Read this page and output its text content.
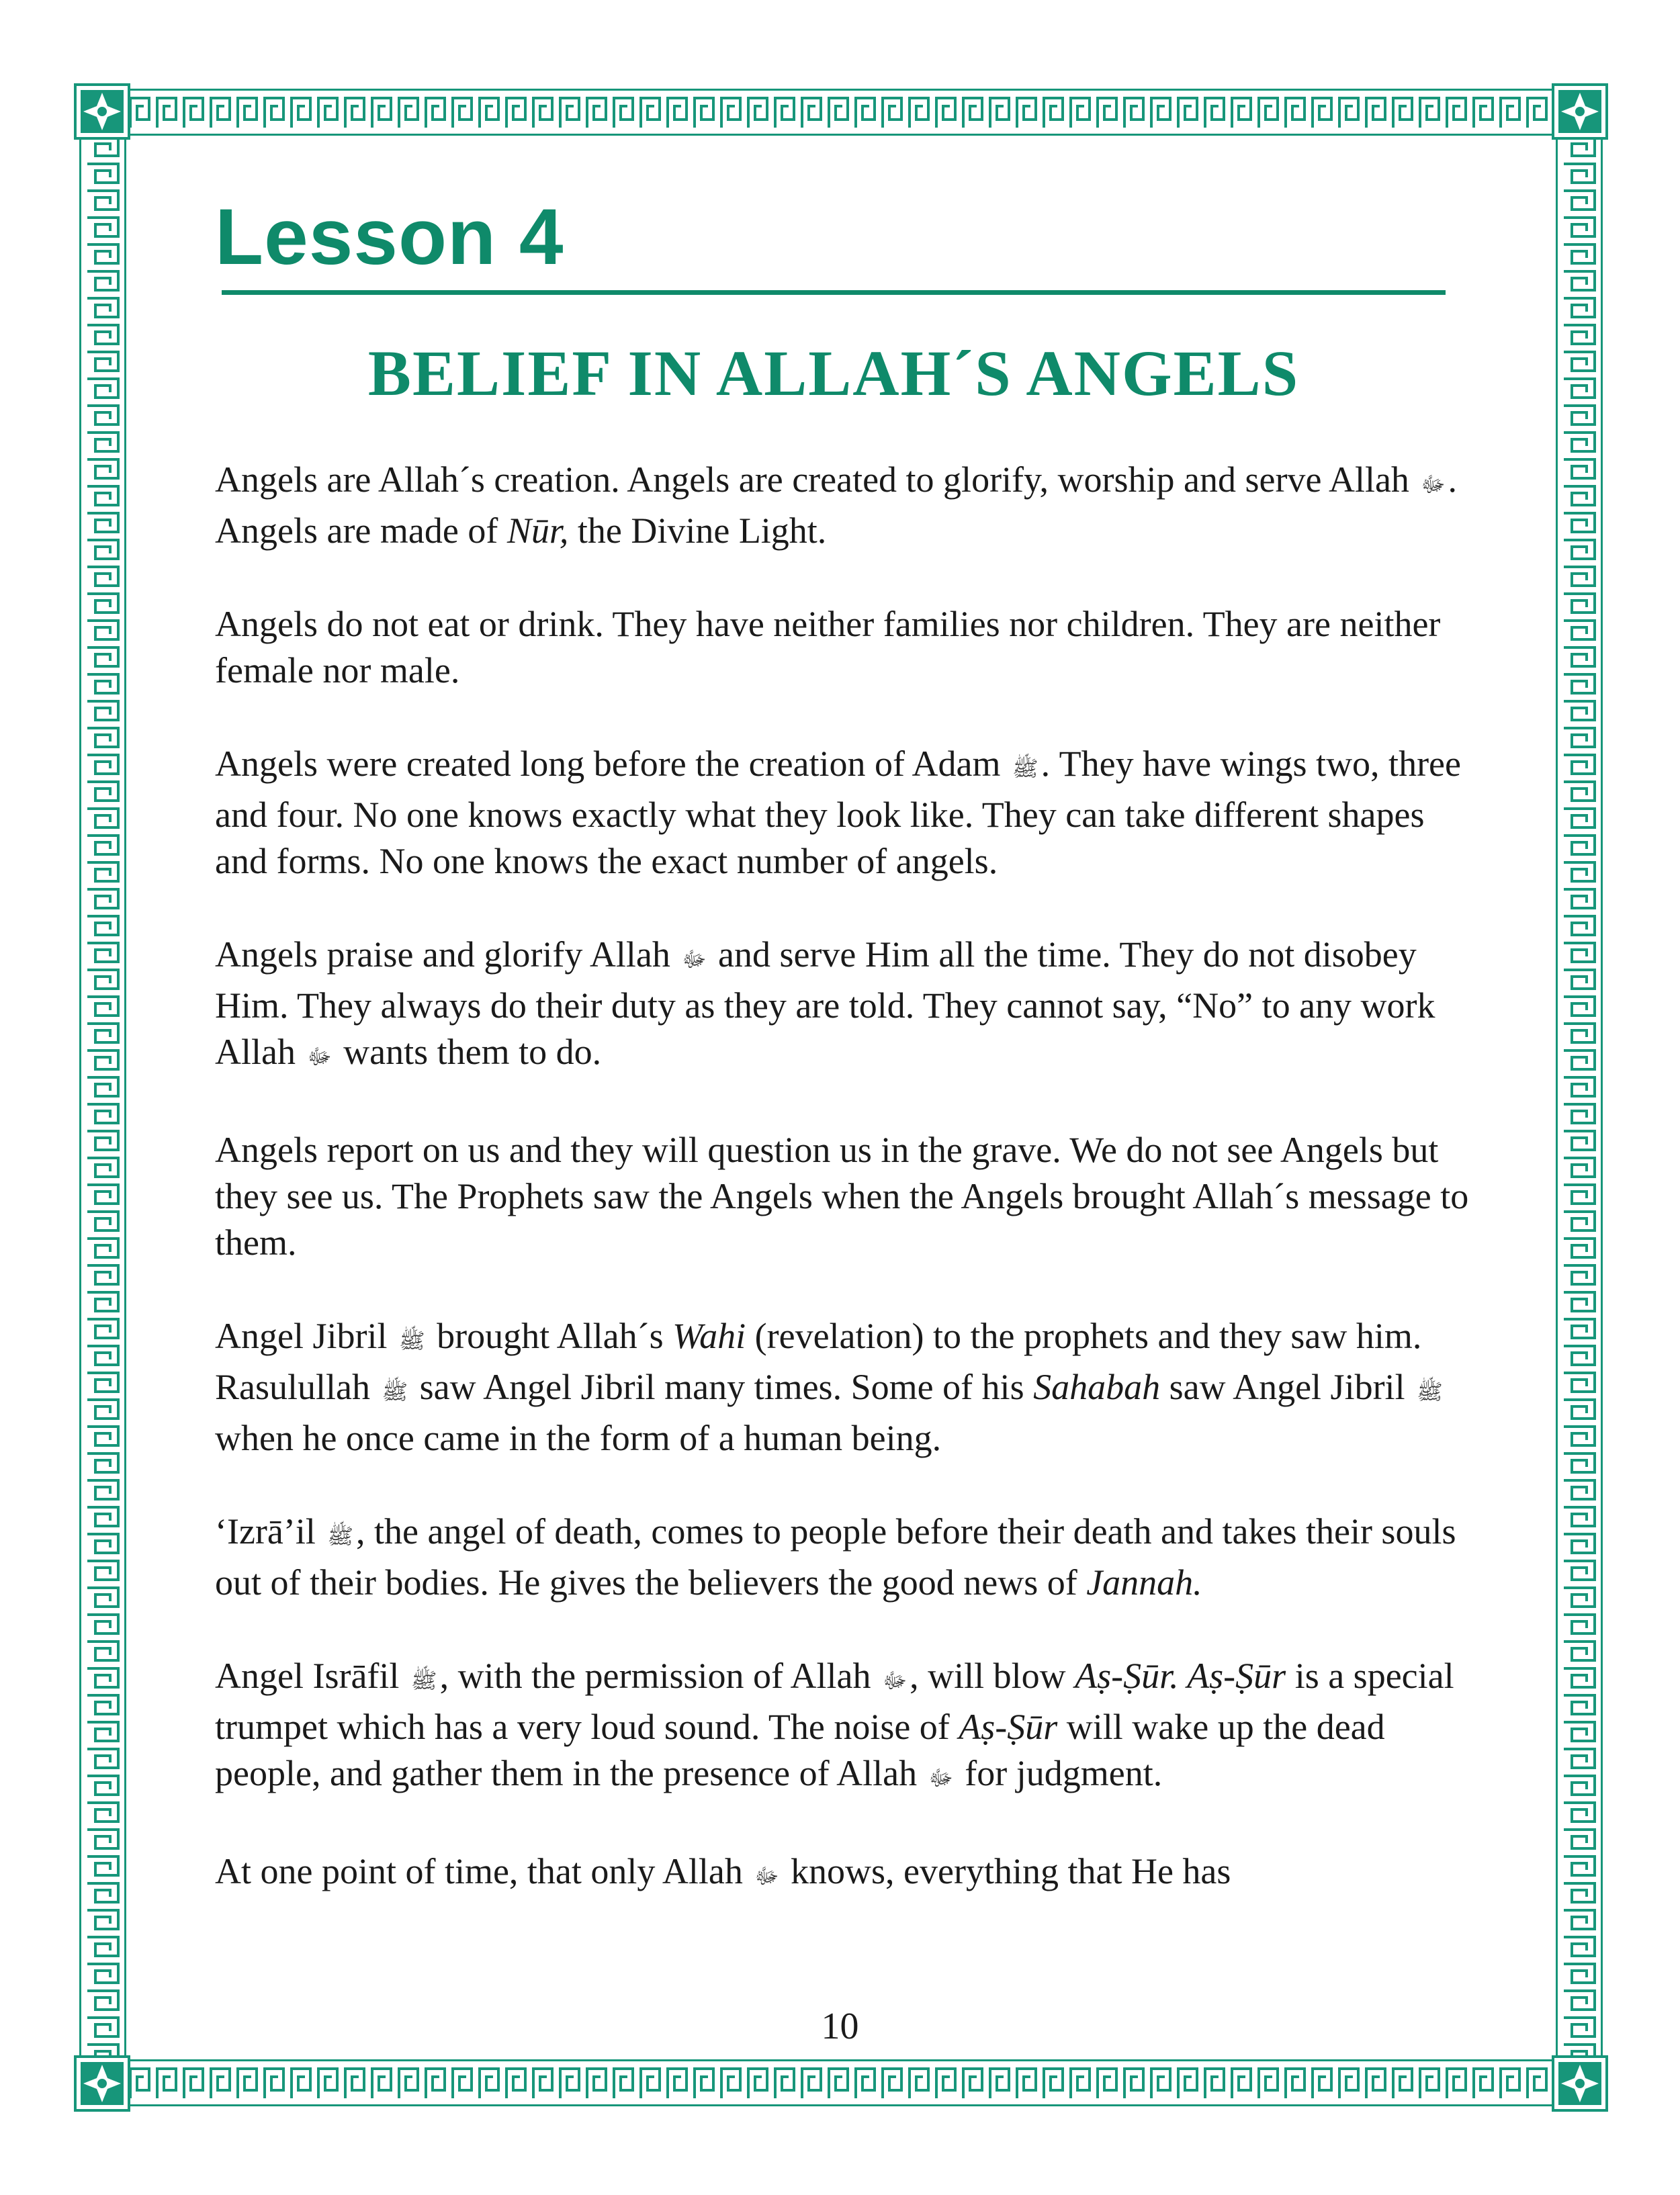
Lesson 4
BELIEF IN ALLAH´S ANGELS

Angels are Allah´s creation. Angels are created to glorify, worship and serve Allah ﷻ. Angels are made of Nūr, the Divine Light.

Angels do not eat or drink. They have neither families nor children. They are neither female nor male.

Angels were created long before the creation of Adam ﷺ. They have wings two, three and four. No one knows exactly what they look like. They can take different shapes and forms. No one knows the exact number of angels.

Angels praise and glorify Allah ﷻ and serve Him all the time. They do not disobey Him. They always do their duty as they are told. They cannot say, “No” to any work Allah ﷻ wants them to do.

Angels report on us and they will question us in the grave. We do not see Angels but they see us. The Prophets saw the Angels when the Angels brought Allah´s message to them.

Angel Jibril ﷺ brought Allah´s Wahi (revelation) to the prophets and they saw him. Rasulullah ﷺ saw Angel Jibril many times. Some of his Sahabah saw Angel Jibril ﷺ when he once came in the form of a human being.

‘Izrā’il ﷺ, the angel of death, comes to people before their death and takes their souls out of their bodies. He gives the believers the good news of Jannah.

Angel Isrāfil ﷺ, with the permission of Allah ﷻ, will blow Aṣ-Ṣūr. Aṣ-Ṣūr is a special trumpet which has a very loud sound. The noise of Aṣ-Ṣūr will wake up the dead people, and gather them in the presence of Allah ﷻ for judgment.

At one point of time, that only Allah ﷻ knows, everything that He has

10
